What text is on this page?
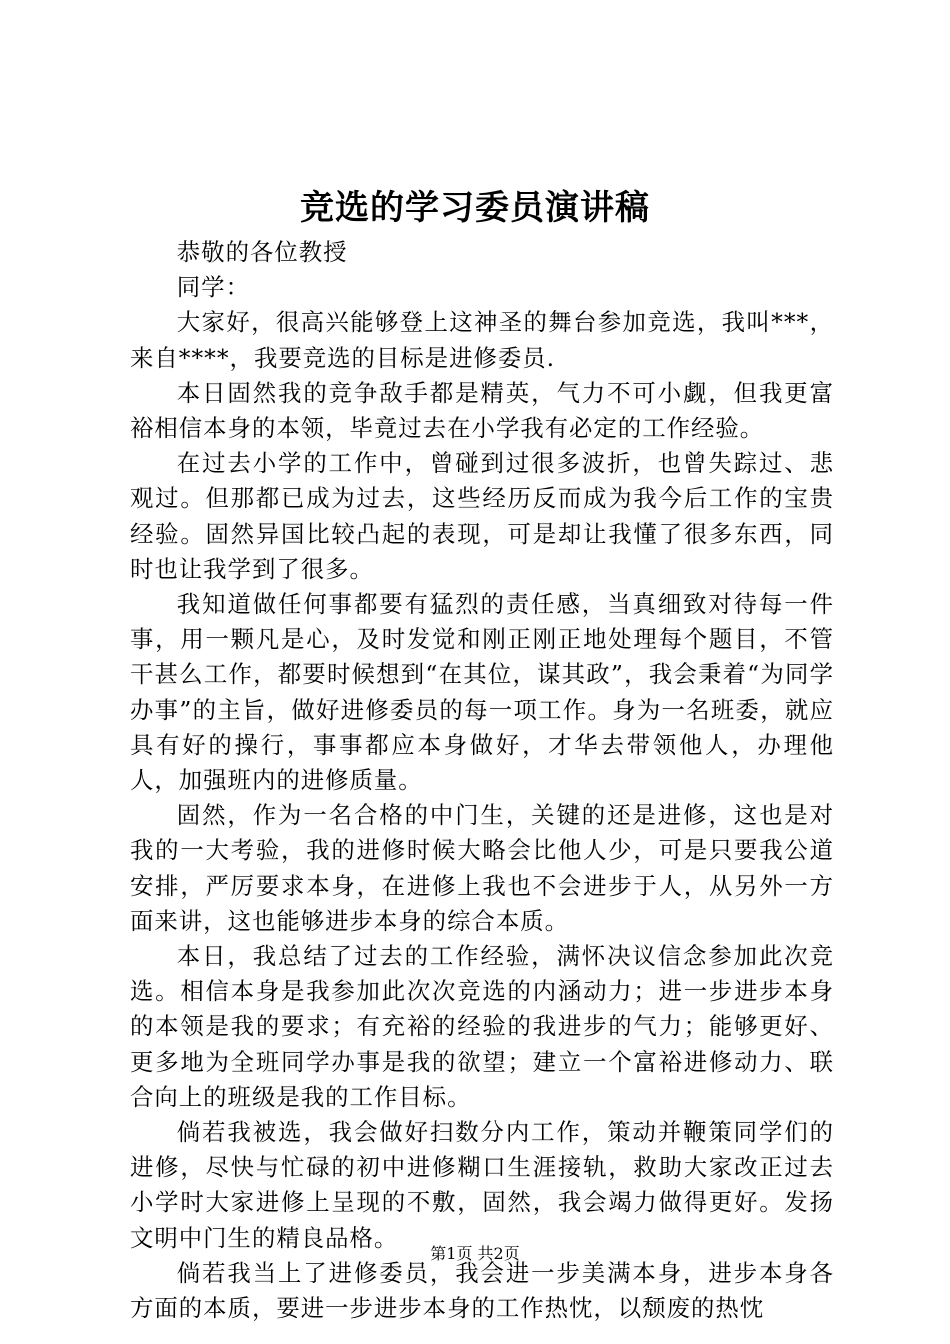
竞选的学习委员演讲稿

恭敬的各位教授

同学：

大家好，很高兴能够登上这神圣的舞台参加竞选，我叫***，来自****，我要竞选的目标是进修委员.

本日固然我的竞争敌手都是精英，气力不可小觑，但我更富裕相信本身的本领，毕竟过去在小学我有必定的工作经验。

在过去小学的工作中，曾碰到过很多波折，也曾失踪过、悲观过。但那都已成为过去，这些经历反而成为我今后工作的宝贵经验。固然异国比较凸起的表现，可是却让我懂了很多东西，同时也让我学到了很多。

我知道做任何事都要有猛烈的责任感，当真细致对待每一件事，用一颗凡是心，及时发觉和刚正刚正地处理每个题目，不管干甚么工作，都要时候想到“在其位，谋其政”，我会秉着“为同学办事”的主旨，做好进修委员的每一项工作。身为一名班委，就应具有好的操行，事事都应本身做好，才华去带领他人，办理他人，加强班内的进修质量。

固然，作为一名合格的中门生，关键的还是进修，这也是对我的一大考验，我的进修时候大略会比他人少，可是只要我公道安排，严厉要求本身，在进修上我也不会进步于人，从另外一方面来讲，这也能够进步本身的综合本质。

本日，我总结了过去的工作经验，满怀决议信念参加此次竞选。相信本身是我参加此次次竞选的内涵动力；进一步进步本身的本领是我的要求；有充裕的经验的我进步的气力；能够更好、更多地为全班同学办事是我的欲望；建立一个富裕进修动力、联合向上的班级是我的工作目标。

倘若我被选，我会做好扫数分内工作，策动并鞭策同学们的进修，尽快与忙碌的初中进修糊口生涯接轨，救助大家改正过去小学时大家进修上呈现的不敷，固然，我会竭力做得更好。发扬文明中门生的精良品格。

倘若我当上了进修委员，我会进一步美满本身，进步本身各方面的本质，要进一步进步本身的工作热忱，以颓废的热忱

第1页 共2页
